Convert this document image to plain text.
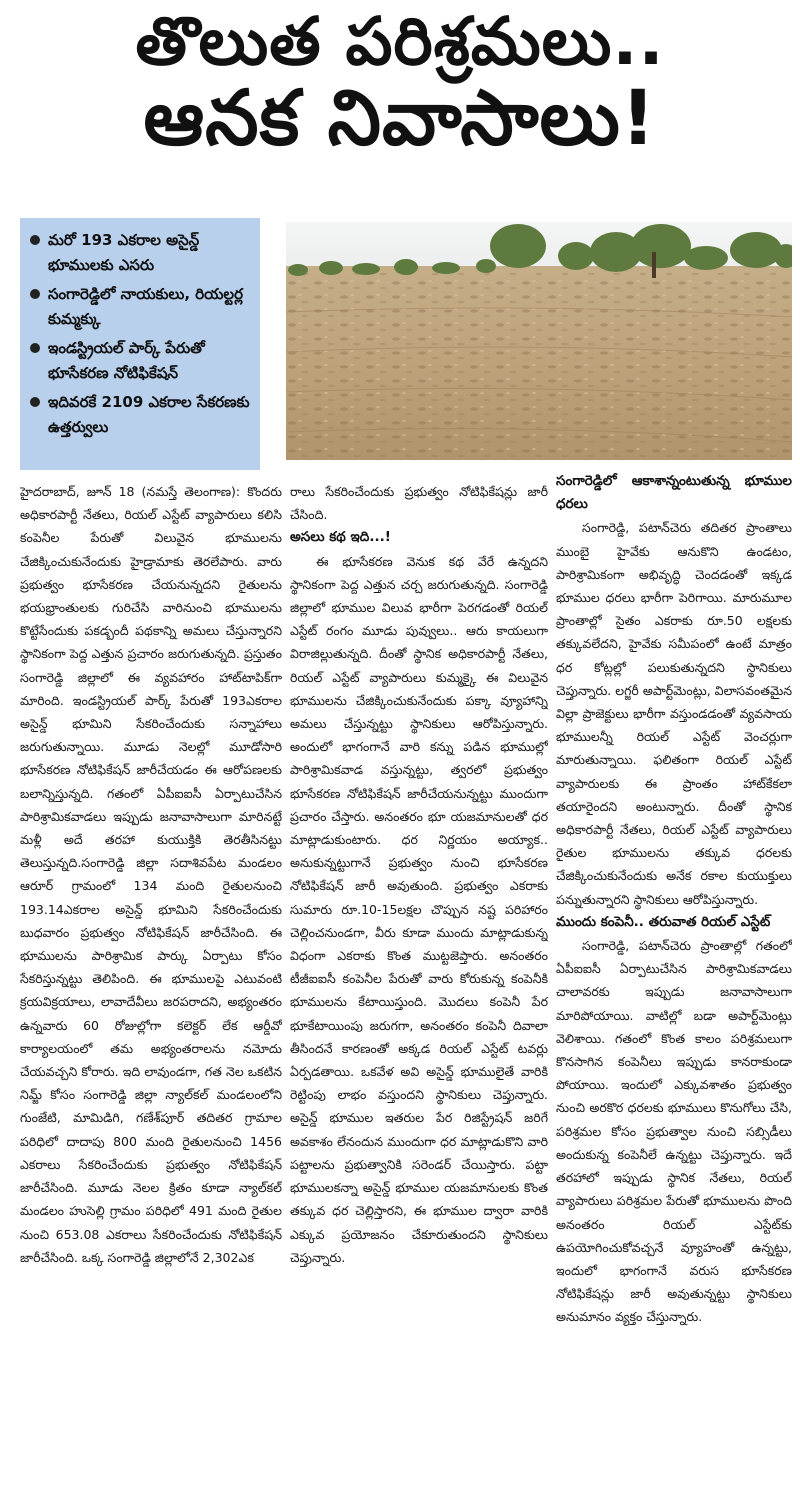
తొలుత పరిశ్రమలు..
ఆనక నివాసాలు!
మరో 193 ఎకరాల అసైన్డ్ భూములకు ఎసరు
సంగారెడ్డిలో నాయకులు, రియల్టర్ల కుమ్మక్కు
ఇండస్ట్రియల్ పార్క్ పేరుతో భూసేకరణ నోటిఫికేషన్
ఇదివరకే 2109 ఎకరాల సేకరణకు ఉత్తర్వులు

హైదరాబాద్, జూన్ 18 (నమస్తే తెలంగాణ): కొందరు అధికారపార్టీ నేతలు, రియల్ ఎస్టేట్ వ్యాపారులు కలిసి కంపెనీల పేరుతో విలువైన భూములను చేజిక్కించుకునేందుకు హైడ్రామాకు తెరలేపారు. వారు ప్రభుత్వం భూసేకరణ చేయనున్నదని రైతులను భయభ్రాంతులకు గురిచేసి వారినుంచి భూములను కొట్టేసేందుకు పకడ్బందీ పథకాన్ని అమలు చేస్తున్నారని స్థానికంగా పెద్ద ఎత్తున ప్రచారం జరుగుతున్నది. ప్రస్తుతం సంగారెడ్డి జిల్లాలో ఈ వ్యవహారం హాట్‌టాపిక్‌గా మారింది. ఇండస్ట్రియల్ పార్క్ పేరుతో 193ఎకరాల అసైన్డ్ భూమిని సేకరించేందుకు సన్నాహాలు జరుగుతున్నాయి. మూడు నెలల్లో మూడోసారి భూసేకరణ నోటిఫికేషన్ జారీచేయడం ఈ ఆరోపణలకు బలాన్నిస్తున్నది. గతంలో ఏపీఐఐసీ ఏర్పాటుచేసిన పారిశ్రామికవాడలు ఇప్పుడు జనావాసాలుగా మారినట్టే మళ్లీ అదే తరహా కుయుక్తికి తెరతీసినట్టు తెలుస్తున్నది.సంగారెడ్డి జిల్లా సదాశివపేట మండలం ఆరూర్ గ్రామంలో 134 మంది రైతులనుంచి 193.14ఎకరాల అసైన్డ్ భూమిని సేకరించేందుకు బుధవారం ప్రభుత్వం నోటిఫికేషన్ జారీచేసింది. ఈ భూములను పారిశ్రామిక పార్కు ఏర్పాటు కోసం సేకరిస్తున్నట్టు తెలిపింది. ఈ భూములపై ఎటువంటి క్రయవిక్రయాలు, లావాదేవీలు జరపరాదని, అభ్యంతరం ఉన్నవారు 60 రోజుల్లోగా కలెక్టర్ లేక ఆర్డీవో కార్యాలయంలో తమ అభ్యంతరాలను నమోదు చేయవచ్చని కోరారు. ఇది లావుండగా, గత నెల ఒకటిన నిమ్జ్ కోసం సంగారెడ్డి జిల్లా న్యాల్‌కల్ మండలంలోని గుంజేటి, మామిడిగి, గణేశ్‌పూర్ తదితర గ్రామాల పరిధిలో దాదాపు 800 మంది రైతులనుంచి 1456 ఎకరాలు సేకరించేందుకు ప్రభుత్వం నోటిఫికేషన్ జారీచేసింది. మూడు నెలల క్రితం కూడా న్యాల్‌కల్ మండలం హుసెల్లి గ్రామం పరిధిలో 491 మంది రైతుల నుంచి 653.08 ఎకరాలు సేకరించేందుకు నోటిఫికేషన్ జారీచేసింది. ఒక్క సంగారెడ్డి జిల్లాలోనే 2,302ఎక

రాలు సేకరించేందుకు ప్రభుత్వం నోటిఫికేషన్లు జారీ చేసింది.

అసలు కథ ఇది...!

ఈ భూసేకరణ వెనుక కథ వేరే ఉన్నదని స్థానికంగా పెద్ద ఎత్తున చర్చ జరుగుతున్నది. సంగారెడ్డి జిల్లాలో భూముల విలువ భారీగా పెరగడంతో రియల్ ఎస్టేట్ రంగం మూడు పువ్వులు.. ఆరు కాయలుగా విరాజిల్లుతున్నది. దీంతో స్థానిక అధికారపార్టీ నేతలు, రియల్ ఎస్టేట్ వ్యాపారులు కుమ్మక్కై ఈ విలువైన భూములను చేజిక్కించుకునేందుకు పక్కా వ్యూహాన్ని అమలు చేస్తున్నట్టు స్థానికులు ఆరోపిస్తున్నారు. అందులో భాగంగానే వారి కన్ను పడిన భూముల్లో పారిశ్రామికవాడ వస్తున్నట్టు, త్వరలో ప్రభుత్వం భూసేకరణ నోటిఫికేషన్ జారీచేయనున్నట్టు ముందుగా ప్రచారం చేస్తారు. అనంతరం భూ యజమానులతో ధర మాట్లాడుకుంటారు. ధర నిర్ణయం అయ్యాక.. అనుకున్నట్టుగానే ప్రభుత్వం నుంచి భూసేకరణ నోటిఫికేషన్ జారీ అవుతుంది. ప్రభుత్వం ఎకరాకు సుమారు రూ.10-15లక్షల చొప్పున నష్ట పరిహారం చెల్లించనుండగా, వీరు కూడా ముందు మాట్లాడుకున్న విధంగా ఎకరాకు కొంత ముట్టజెప్తారు. అనంతరం టీజీఐఐసీ కంపెనీల పేరుతో వారు కోరుకున్న కంపెనీకి భూములను కేటాయిస్తుంది. మొదలు కంపెనీ పేర భూకేటాయింపు జరుగగా, అనంతరం కంపెనీ దివాలా తీసిందనే కారణంతో అక్కడ రియల్ ఎస్టేట్ టవర్లు ఏర్పడతాయి. ఒకవేళ అవి అసైన్డ్ భూములైతే వారికి రెట్టింపు లాభం వస్తుందని స్థానికులు చెప్తున్నారు. అసైన్డ్ భూముల ఇతరుల పేర రిజిస్ట్రేషన్ జరిగే అవకాశం లేనందున ముందుగా ధర మాట్లాడుకొని వారి పట్టాలను ప్రభుత్వానికి సరెండర్ చేయిస్తారు. పట్టా భూములకన్నా అసైన్డ్ భూముల యజమానులకు కొంత తక్కువ ధర చెల్లిస్తారని, ఈ భూముల ద్వారా వారికి ఎక్కువ ప్రయోజనం చేకూరుతుందని స్థానికులు చెప్తున్నారు.

సంగారెడ్డిలో ఆకాశాన్నంటుతున్న భూముల ధరలు

సంగారెడ్డి, పటాన్‌చెరు తదితర ప్రాంతాలు ముంబై హైవేకు ఆనుకొని ఉండటం, పారిశ్రామికంగా అభివృద్ధి చెందడంతో ఇక్కడ భూముల ధరలు భారీగా పెరిగాయి. మారుమూల ప్రాంతాల్లో సైతం ఎకరాకు రూ.50 లక్షలకు తక్కువలేదని, హైవేకు సమీపంలో ఉంటే మాత్రం ధర కోట్లల్లో పలుకుతున్నదని స్థానికులు చెప్తున్నారు. లగ్జరీ అపార్ట్‌మెంట్లు, విలాసవంతమైన విల్లా ప్రాజెక్టులు భారీగా వస్తుండడంతో వ్యవసాయ భూములన్నీ రియల్ ఎస్టేట్ వెంచర్లుగా మారుతున్నాయి. ఫలితంగా రియల్ ఎస్టేట్ వ్యాపారులకు ఈ ప్రాంతం హాట్‌కేకలా తయారైందని అంటున్నారు. దీంతో స్థానిక అధికారపార్టీ నేతలు, రియల్ ఎస్టేట్ వ్యాపారులు రైతుల భూములను తక్కువ ధరలకు చేజిక్కించుకునేందుకు అనేక రకాల కుయుక్తులు పన్నుతున్నారని స్థానికులు ఆరోపిస్తున్నారు.

ముందు కంపెనీ.. తరువాత రియల్ ఎస్టేట్

సంగారెడ్డి, పటాన్‌చెరు ప్రాంతాల్లో గతంలో ఏపీఐఐసీ ఏర్పాటుచేసిన పారిశ్రామికవాడలు చాలావరకు ఇప్పుడు జనావాసాలుగా మారిపోయాయి. వాటిల్లో బడా అపార్ట్‌మెంట్లు వెలిశాయి. గతంలో కొంత కాలం పరిశ్రమలుగా కొనసాగిన కంపెనీలు ఇప్పుడు కానరాకుండా పోయాయి. ఇందులో ఎక్కువశాతం ప్రభుత్వం నుంచి అరకొర ధరలకు భూములు కొనుగోలు చేసి, పరిశ్రమల కోసం ప్రభుత్వాల నుంచి సబ్సిడీలు అందుకున్న కంపెనీలే ఉన్నట్టు చెప్తున్నారు. ఇదే తరహాలో ఇప్పుడు స్థానిక నేతలు, రియల్ వ్యాపారులు పరిశ్రమల పేరుతో భూములను పొంది అనంతరం రియల్ ఎస్టేట్‌కు ఉపయోగించుకోవచ్చనే వ్యూహంతో ఉన్నట్టు, ఇందులో భాగంగానే వరుస భూసేకరణ నోటిఫికేషన్లు జారీ అవుతున్నట్టు స్థానికులు అనుమానం వ్యక్తం చేస్తున్నారు.
